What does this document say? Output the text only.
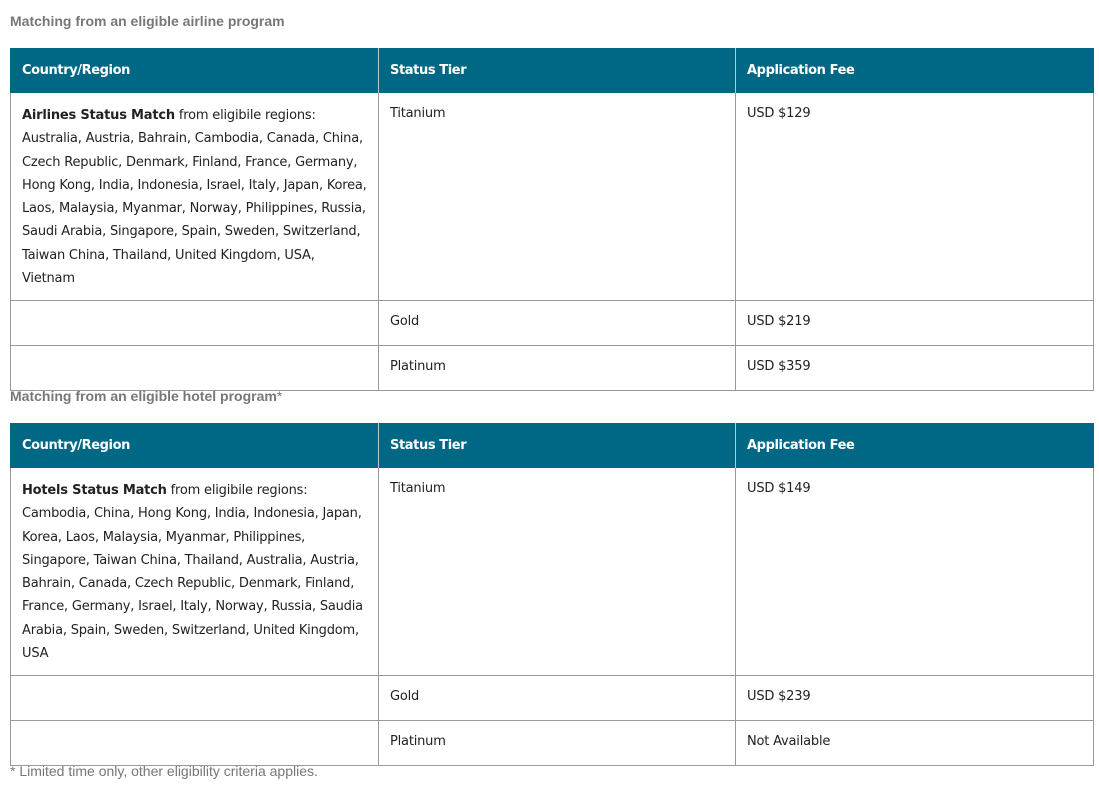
Matching from an eligible airline program
Country/Region	Status Tier	Application Fee
Airlines Status Match from eligibile regions: Australia, Austria, Bahrain, Cambodia, Canada, China, Czech Republic, Denmark, Finland, France, Germany, Hong Kong, India, Indonesia, Israel, Italy, Japan, Korea, Laos, Malaysia, Myanmar, Norway, Philippines, Russia, Saudi Arabia, Singapore, Spain, Sweden, Switzerland, Taiwan China, Thailand, United Kingdom, USA, Vietnam	Titanium	USD $129
	Gold	USD $219
	Platinum	USD $359
Matching from an eligible hotel program*
Country/Region	Status Tier	Application Fee
Hotels Status Match from eligibile regions: Cambodia, China, Hong Kong, India, Indonesia, Japan, Korea, Laos, Malaysia, Myanmar, Philippines, Singapore, Taiwan China, Thailand, Australia, Austria, Bahrain, Canada, Czech Republic, Denmark, Finland, France, Germany, Israel, Italy, Norway, Russia, Saudia Arabia, Spain, Sweden, Switzerland, United Kingdom, USA	Titanium	USD $149
	Gold	USD $239
	Platinum	Not Available

* Limited time only, other eligibility criteria applies.
